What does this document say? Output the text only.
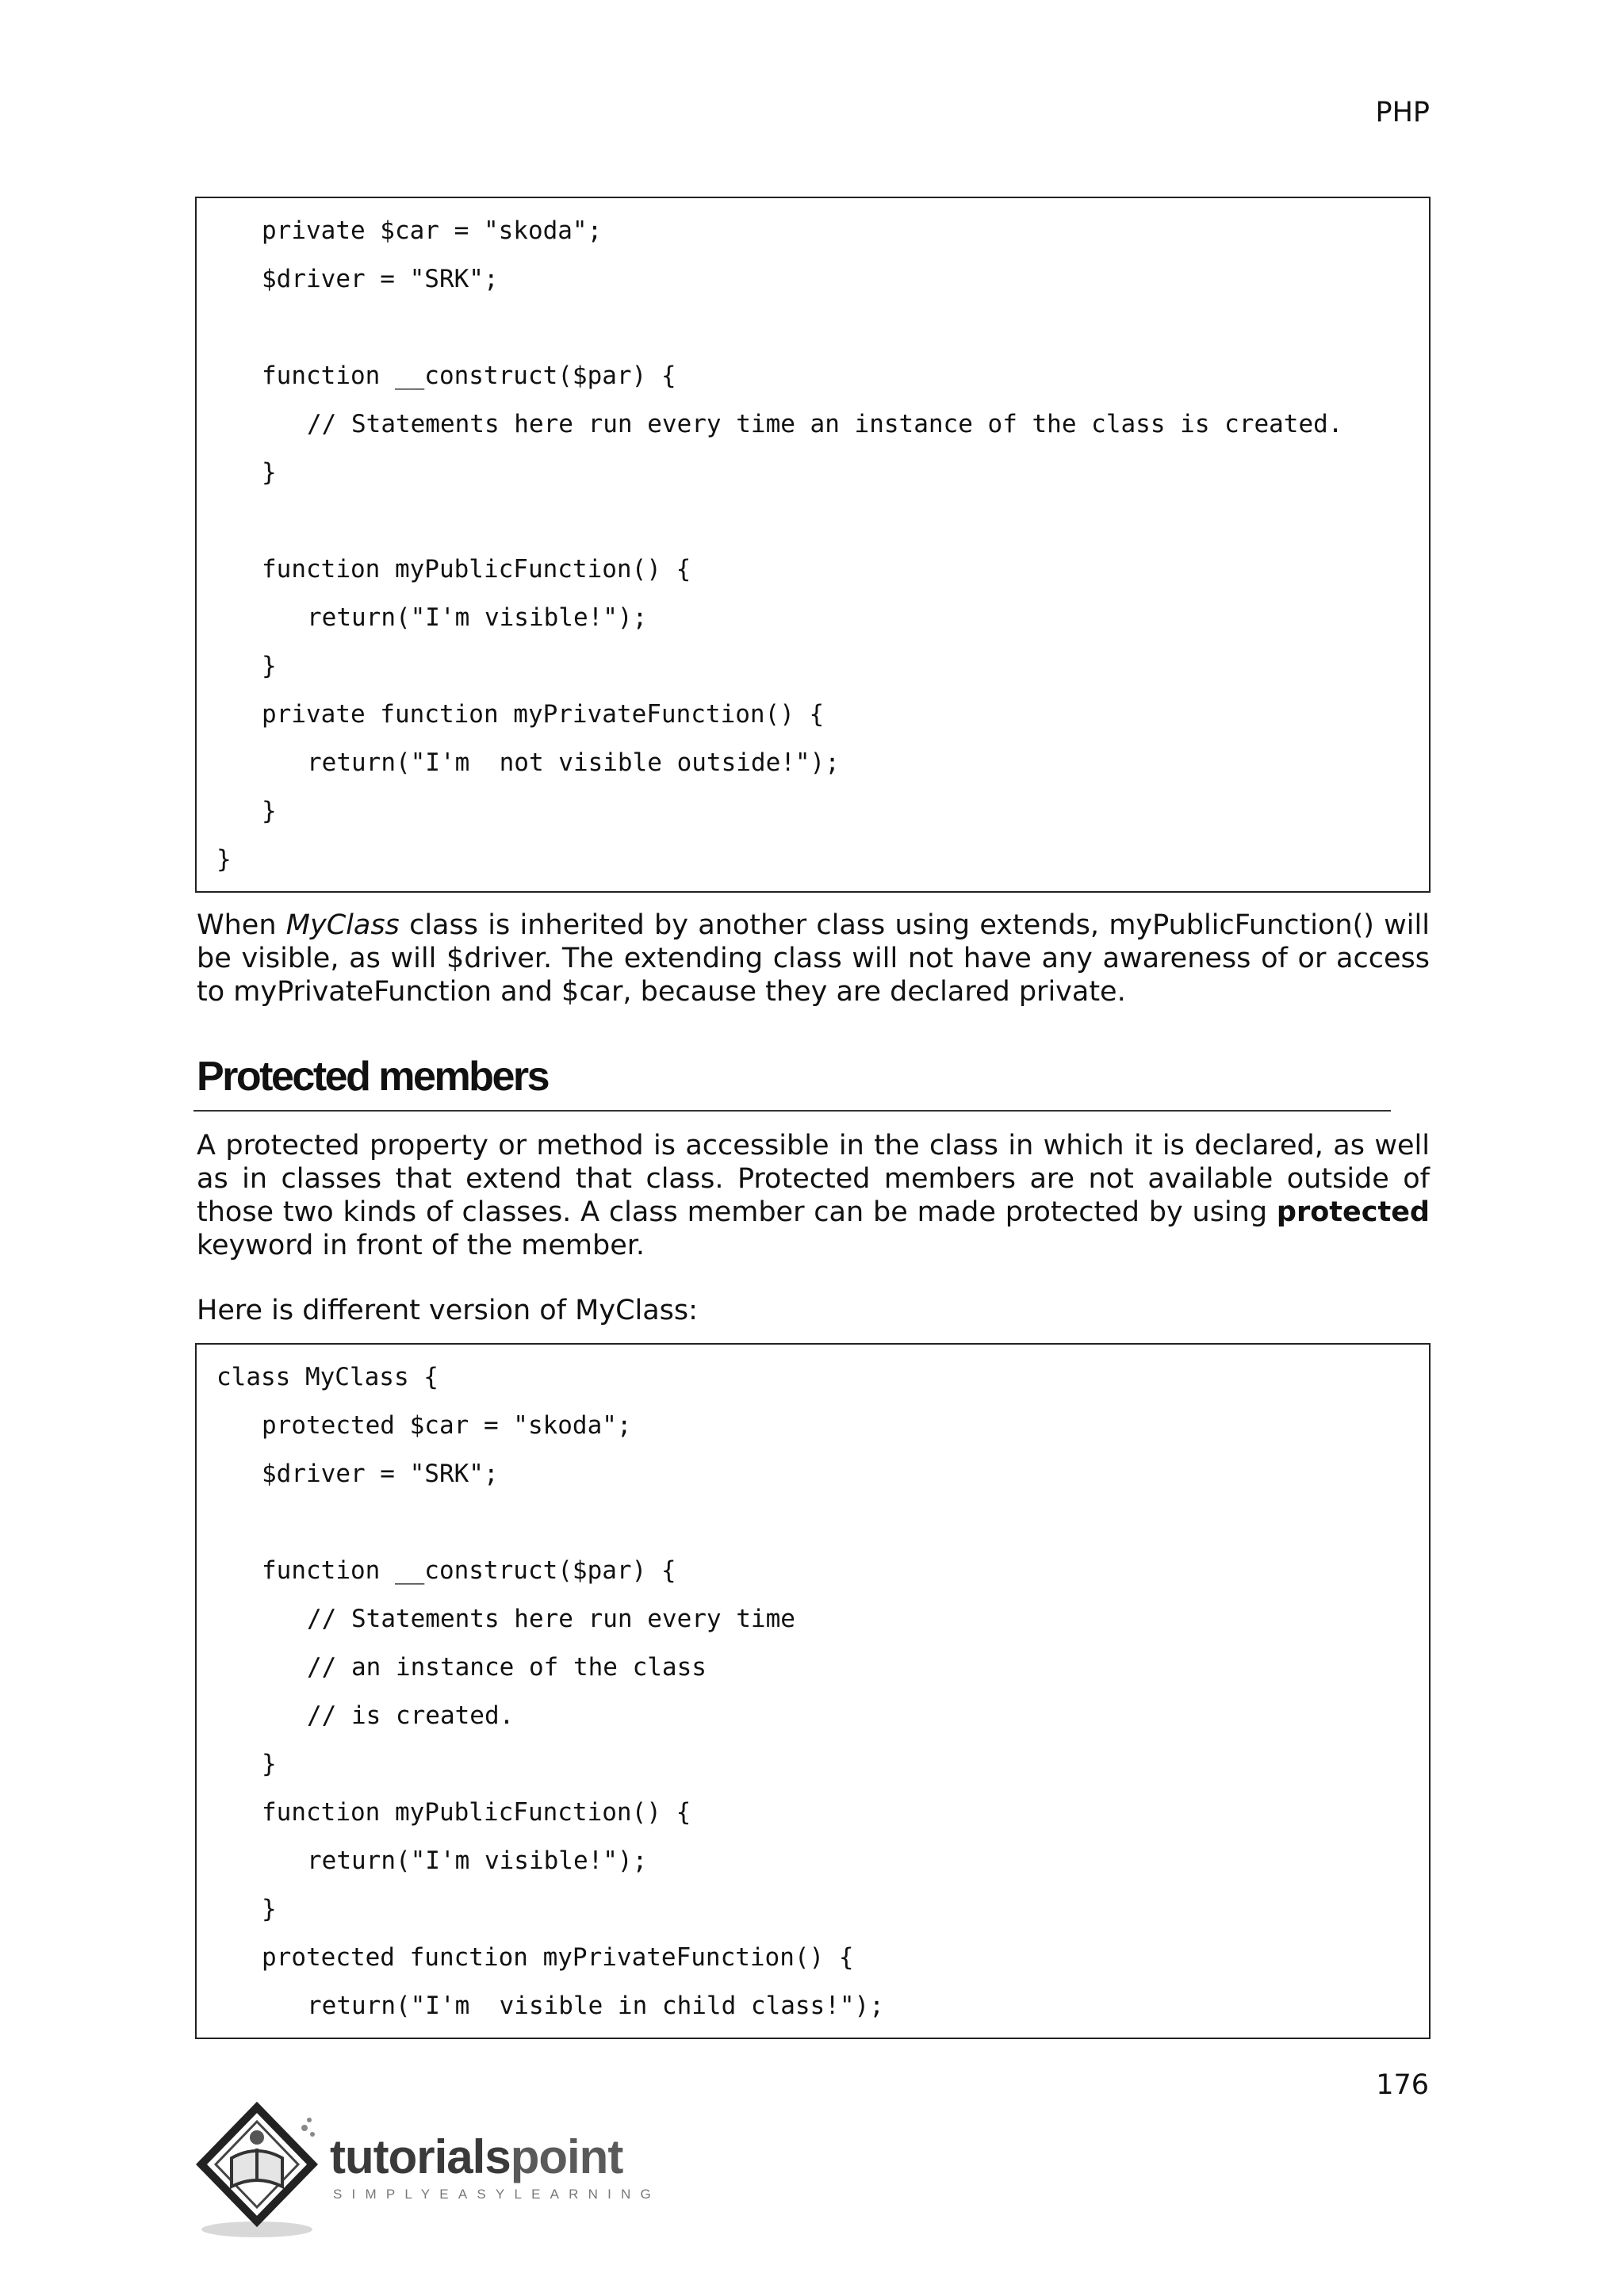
PHP
private $car = "skoda";
$driver = "SRK";
function __construct($par) {
// Statements here run every time an instance of the class is created.
}
function myPublicFunction() {
return("I'm visible!");
}
private function myPrivateFunction() {
return("I'm  not visible outside!");
}
}
When MyClass class is inherited by another class using extends, myPublicFunction() will be visible, as will $driver. The extending class will not have any awareness of or access to myPrivateFunction and $car, because they are declared private.
Protected members
A protected property or method is accessible in the class in which it is declared, as well as in classes that extend that class. Protected members are not available outside of those two kinds of classes. A class member can be made protected by using protected keyword in front of the member.
Here is different version of MyClass:
class MyClass {
protected $car = "skoda";
$driver = "SRK";
function __construct($par) {
// Statements here run every time
// an instance of the class
// is created.
}
function myPublicFunction() {
return("I'm visible!");
}
protected function myPrivateFunction() {
return("I'm  visible in child class!");
176
tutorialspoint
SIMPLYEASYLEARNING
